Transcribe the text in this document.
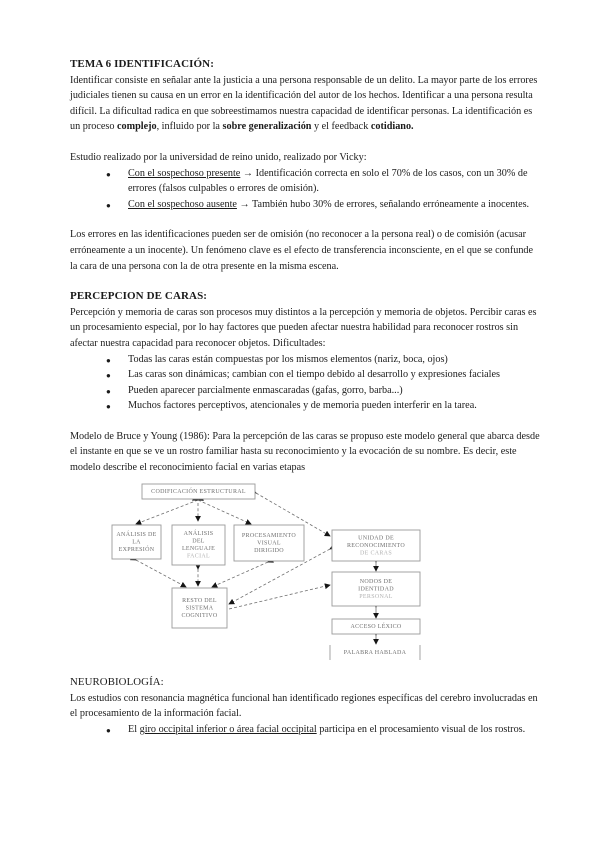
TEMA 6 IDENTIFICACIÓN:

Identificar consiste en señalar ante la justicia a una persona responsable de un delito. La mayor parte de los errores judiciales tienen su causa en un error en la identificación del autor de los hechos. Identificar a una persona resulta difícil. La dificultad radica en que sobreestimamos nuestra capacidad de identificar personas. La identificación es un proceso complejo, influido por la sobre generalización y el feedback cotidiano.

Estudio realizado por la universidad de reino unido, realizado por Vicky:

● Con el sospechoso presente → Identificación correcta en solo el 70% de los casos, con un 30% de errores (falsos culpables o errores de omisión).
● Con el sospechoso ausente → También hubo 30% de errores, señalando erróneamente a inocentes.

Los errores en las identificaciones pueden ser de omisión (no reconocer a la persona real) o de comisión (acusar erróneamente a un inocente). Un fenómeno clave es el efecto de transferencia inconsciente, en el que se confunde la cara de una persona con la de otra presente en la misma escena.

PERCEPCION DE CARAS:

Percepción y memoria de caras son procesos muy distintos a la percepción y memoria de objetos. Percibir caras es un procesamiento especial, por lo hay factores que pueden afectar nuestra habilidad para reconocer rostros sin afectar nuestra capacidad para reconocer objetos. Dificultades:

● Todas las caras están compuestas por los mismos elementos (nariz, boca, ojos)
● Las caras son dinámicas; cambian con el tiempo debido al desarrollo y expresiones faciales
● Pueden aparecer parcialmente enmascaradas (gafas, gorro, barba...)
● Muchos factores perceptivos, atencionales y de memoria pueden interferir en la tarea.

Modelo de Bruce y Young (1986): Para la percepción de las caras se propuso este modelo general que abarca desde el instante en que se ve un rostro familiar hasta su reconocimiento y la evocación de su nombre. Es decir, este modelo describe el reconocimiento facial en varias etapas

CODIFICACIÓN ESTRUCTURAL
ANÁLISIS DE
LA
EXPRESIÓN
ANÁLISIS
DEL
LENGUAJE
FACIAL
PROCESAMIENTO
VISUAL
DIRIGIDO
UNIDAD DE
RECONOCIMIENTO
DE CARAS
RESTO DEL
SISTEMA
COGNITIVO
NODOS DE
IDENTIDAD
PERSONAL
ACCESO LÉXICO
PALABRA HABLADA
NEUROBIOLOGÍA:

Los estudios con resonancia magnética funcional han identificado regiones específicas del cerebro involucradas en el procesamiento de la información facial.

● El giro occipital inferior o área facial occipital participa en el procesamiento visual de los rostros.
